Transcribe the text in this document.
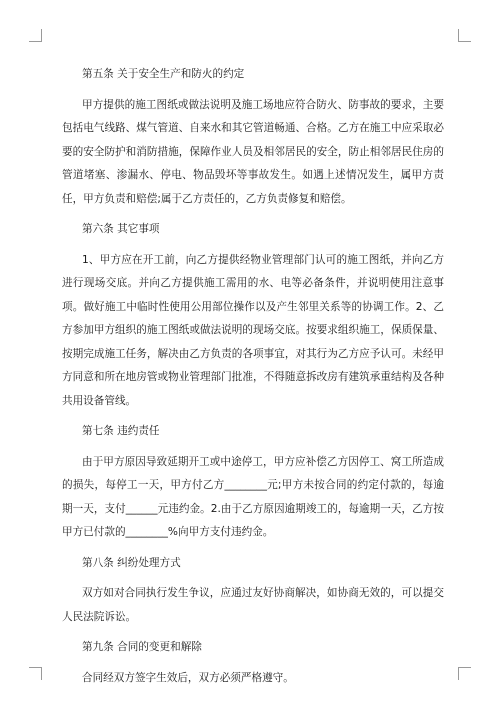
第五条 关于安全生产和防火的约定
甲方提供的施工图纸或做法说明及施工场地应符合防火、防事故的要求，主要包括电气线路、煤气管道、自来水和其它管道畅通、合格。乙方在施工中应采取必要的安全防护和消防措施，保障作业人员及相邻居民的安全，防止相邻居民住房的管道堵塞、渗漏水、停电、物品毁坏等事故发生。如遇上述情况发生，属甲方责任，甲方负责和赔偿;属于乙方责任的，乙方负责修复和赔偿。
第六条 其它事项
1、甲方应在开工前，向乙方提供经物业管理部门认可的施工图纸，并向乙方进行现场交底。并向乙方提供施工需用的水、电等必备条件，并说明使用注意事项。做好施工中临时性使用公用部位操作以及产生邻里关系等的协调工作。2、乙方参加甲方组织的施工图纸或做法说明的现场交底。按要求组织施工，保质保量、按期完成施工任务，解决由乙方负责的各项事宜，对其行为乙方应予认可。未经甲方同意和所在地房管或物业管理部门批准，不得随意拆改房有建筑承重结构及各种共用设备管线。
第七条 违约责任
由于甲方原因导致延期开工或中途停工，甲方应补偿乙方因停工、窝工所造成的损失，每停工一天，甲方付乙方________元;甲方未按合同的约定付款的，每逾期一天，支付______元违约金。2.由于乙方原因逾期竣工的，每逾期一天，乙方按甲方已付款的________%向甲方支付违约金。
第八条 纠纷处理方式
双方如对合同执行发生争议，应通过友好协商解决，如协商无效的，可以提交人民法院诉讼。
第九条 合同的变更和解除
合同经双方签字生效后，双方必须严格遵守。
